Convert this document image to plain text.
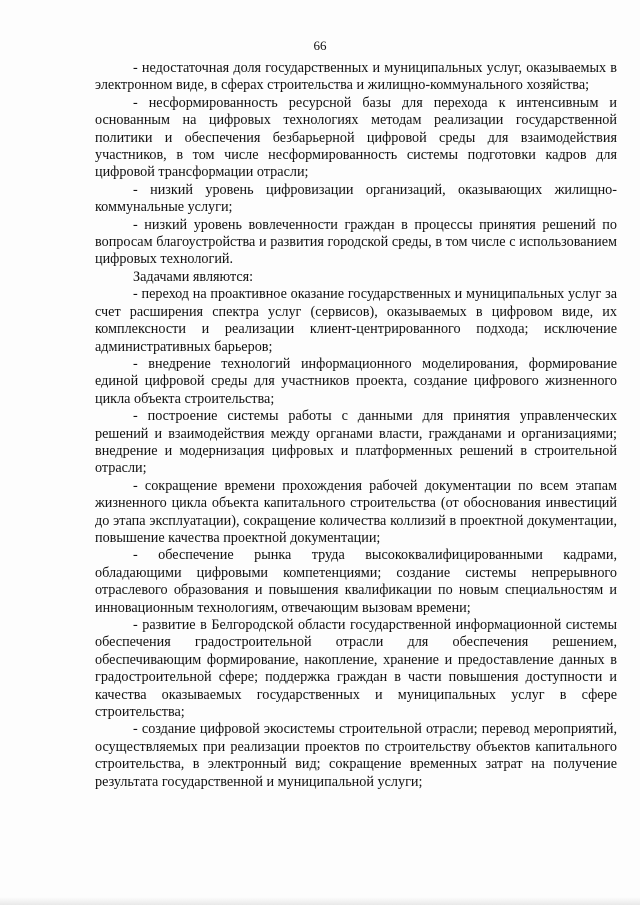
66

- недостаточная доля государственных и муниципальных услуг, оказываемых в электронном виде, в сферах строительства и жилищно-коммунального хозяйства;

- несформированность ресурсной базы для перехода к интенсивным и основанным на цифровых технологиях методам реализации государственной политики и обеспечения безбарьерной цифровой среды для взаимодействия участников, в том числе несформированность системы подготовки кадров для цифровой трансформации отрасли;

- низкий уровень цифровизации организаций, оказывающих жилищно-коммунальные услуги;

- низкий уровень вовлеченности граждан в процессы принятия решений по вопросам благоустройства и развития городской среды, в том числе с использованием цифровых технологий.

Задачами являются:

- переход на проактивное оказание государственных и муниципальных услуг за счет расширения спектра услуг (сервисов), оказываемых в цифровом виде, их комплексности и реализации клиент-центрированного подхода; исключение административных барьеров;

- внедрение технологий информационного моделирования, формирование единой цифровой среды для участников проекта, создание цифрового жизненного цикла объекта строительства;

- построение системы работы с данными для принятия управленческих решений и взаимодействия между органами власти, гражданами и организациями; внедрение и модернизация цифровых и платформенных решений в строительной отрасли;

- сокращение времени прохождения рабочей документации по всем этапам жизненного цикла объекта капитального строительства (от обоснования инвестиций до этапа эксплуатации), сокращение количества коллизий в проектной документации, повышение качества проектной документации;

- обеспечение рынка труда высококвалифицированными кадрами, обладающими цифровыми компетенциями; создание системы непрерывного отраслевого образования и повышения квалификации по новым специальностям и инновационным технологиям, отвечающим вызовам времени;

- развитие в Белгородской области государственной информационной системы обеспечения градостроительной отрасли для обеспечения решением, обеспечивающим формирование, накопление, хранение и предоставление данных в градостроительной сфере; поддержка граждан в части повышения доступности и качества оказываемых государственных и муниципальных услуг в сфере строительства;

- создание цифровой экосистемы строительной отрасли; перевод мероприятий, осуществляемых при реализации проектов по строительству объектов капитального строительства, в электронный вид; сокращение временных затрат на получение результата государственной и муниципальной услуги;
